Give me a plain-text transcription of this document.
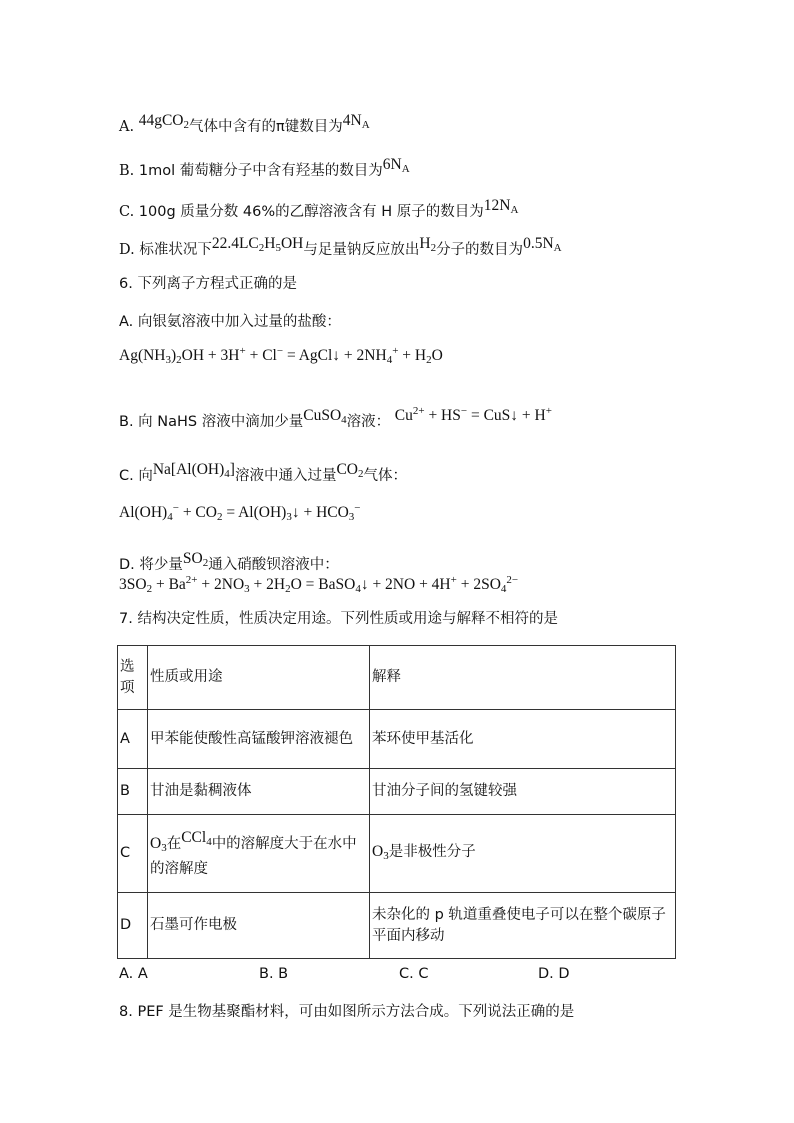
A. 44gCO$_2$气体中含有的π键数目为$4N_A$
B. 1mol 葡萄糖分子中含有羟基的数目为$6N_A$
C. 100g 质量分数 46%的乙醇溶液含有 H 原子的数目为$12N_A$
D. 标准状况下$22.4LC_2H_5OH$与足量钠反应放出$H_2$分子的数目为$0.5N_A$
6. 下列离子方程式正确的是
A. 向银氨溶液中加入过量的盐酸：
$Ag(NH_3)_2OH + 3H^+ + Cl^-$ = AgCl↓ + $2NH_4^+ + H_2O$
B. 向 NaHS 溶液中滴加少量CuSO$_4$溶液： $Cu^{2+} + HS^-$ = CuS↓ + H+
C. 向$Na[Al(OH)_4]$溶液中通入过量$CO_2$气体：
$Al(OH)_4^- + CO_2$ = $Al(OH)_3↓ + HCO_3^-$
D. 将少量$SO_2$通入硝酸钡溶液中：
$3SO_2 + Ba^{2+} + 2NO_3 + 2H_2O$ = BaSO$_4$↓ + $2NO + 4H^+ + 2SO_4^{2-}$
7. 结构决定性质，性质决定用途。下列性质或用途与解释不相符的是
选项	性质或用途	解释
A	甲苯能使酸性高锰酸钾溶液褪色	苯环使甲基活化
B	甘油是黏稠液体	甘油分子间的氢键较强
C	$O_3$在CCl$_4$中的溶解度大于在水中的溶解度	$O_3$是非极性分子
D	石墨可作电极	未杂化的 p 轨道重叠使电子可以在整个碳原子平面内移动
A. A	B. B	C. C	D. D
8. PEF 是生物基聚酯材料，可由如图所示方法合成。下列说法正确的是
